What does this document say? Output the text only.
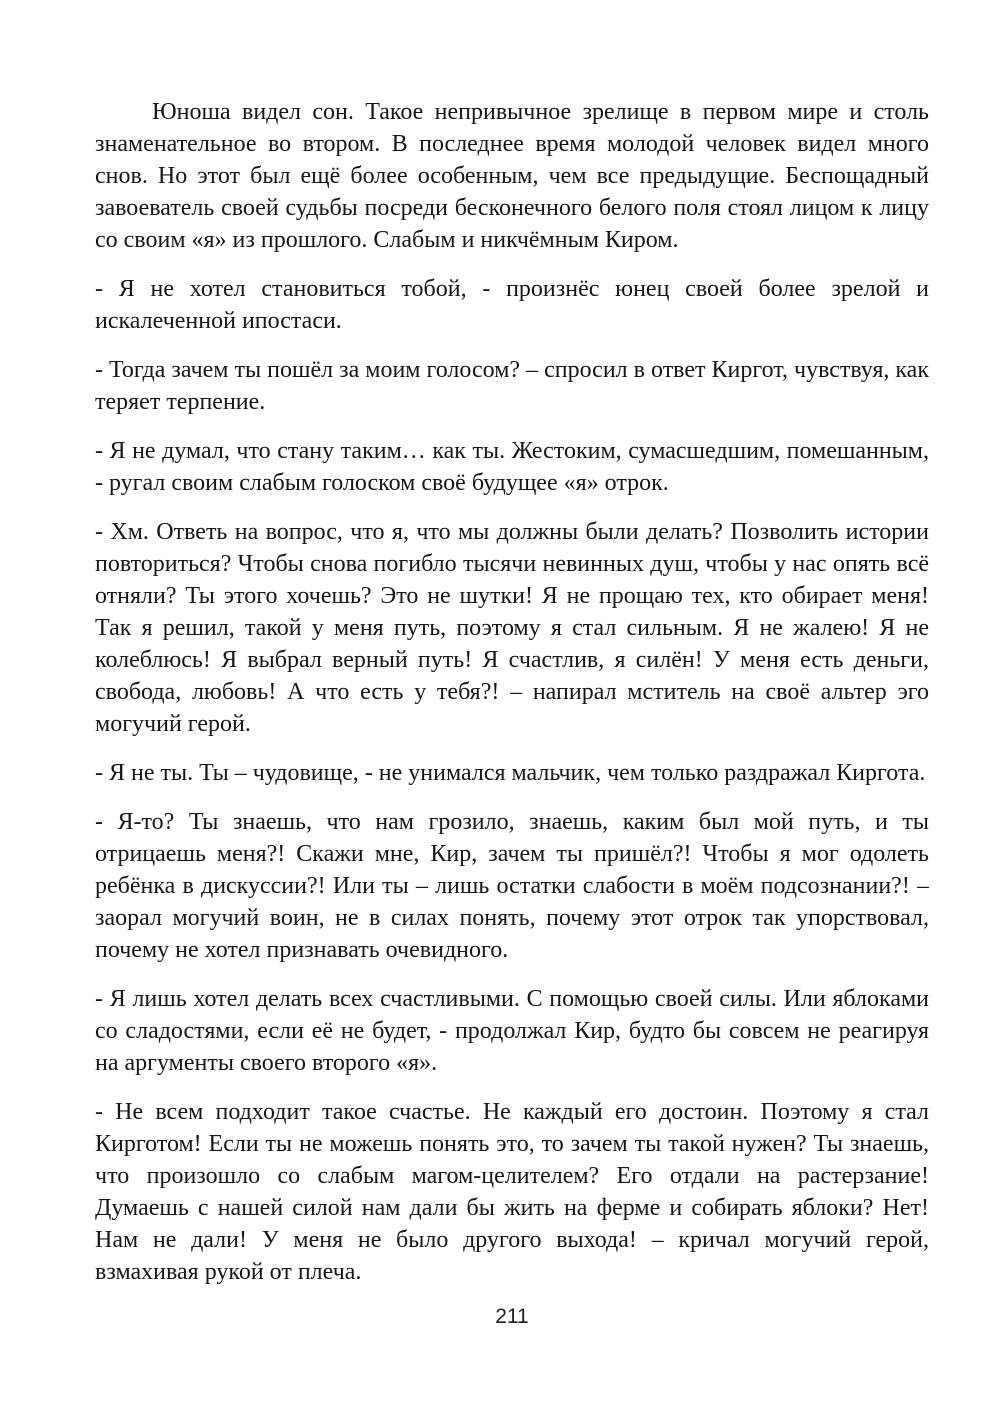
Юноша видел сон. Такое непривычное зрелище в первом мире и столь знаменательное во втором. В последнее время молодой человек видел много снов. Но этот был ещё более особенным, чем все предыдущие. Беспощадный завоеватель своей судьбы посреди бесконечного белого поля стоял лицом к лицу со своим «я» из прошлого. Слабым и никчёмным Киром.

- Я не хотел становиться тобой, - произнёс юнец своей более зрелой и искалеченной ипостаси.

- Тогда зачем ты пошёл за моим голосом? – спросил в ответ Киргот, чувствуя, как теряет терпение.

- Я не думал, что стану таким… как ты. Жестоким, сумасшедшим, помешанным, - ругал своим слабым голоском своё будущее «я» отрок.

- Хм. Ответь на вопрос, что я, что мы должны были делать? Позволить истории повториться? Чтобы снова погибло тысячи невинных душ, чтобы у нас опять всё отняли? Ты этого хочешь? Это не шутки! Я не прощаю тех, кто обирает меня! Так я решил, такой у меня путь, поэтому я стал сильным. Я не жалею! Я не колеблюсь! Я выбрал верный путь! Я счастлив, я силён! У меня есть деньги, свобода, любовь! А что есть у тебя?! – напирал мститель на своё альтер эго могучий герой.

- Я не ты. Ты – чудовище, - не унимался мальчик, чем только раздражал Киргота.

- Я-то? Ты знаешь, что нам грозило, знаешь, каким был мой путь, и ты отрицаешь меня?! Скажи мне, Кир, зачем ты пришёл?! Чтобы я мог одолеть ребёнка в дискуссии?! Или ты – лишь остатки слабости в моём подсознании?! – заорал могучий воин, не в силах понять, почему этот отрок так упорствовал, почему не хотел признавать очевидного.

- Я лишь хотел делать всех счастливыми. С помощью своей силы. Или яблоками со сладостями, если её не будет, - продолжал Кир, будто бы совсем не реагируя на аргументы своего второго «я».

- Не всем подходит такое счастье. Не каждый его достоин. Поэтому я стал Кирготом! Если ты не можешь понять это, то зачем ты такой нужен? Ты знаешь, что произошло со слабым магом-целителем? Его отдали на растерзание! Думаешь с нашей силой нам дали бы жить на ферме и собирать яблоки? Нет! Нам не дали! У меня не было другого выхода! – кричал могучий герой, взмахивая рукой от плеча.

211
